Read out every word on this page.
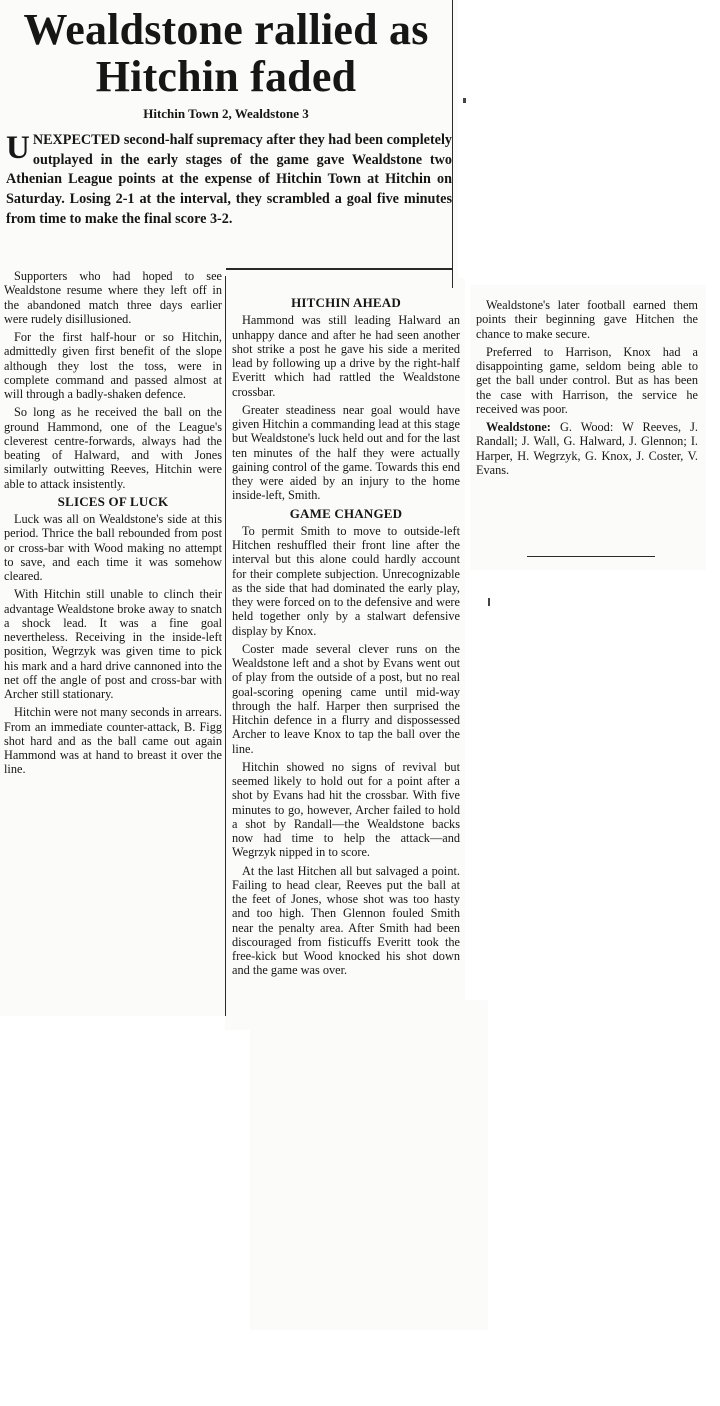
Wealdstone rallied as
Hitchin faded
Hitchin Town 2, Wealdstone 3
UNEXPECTED second-half supremacy after they had been completely outplayed in the early stages of the game gave Wealdstone two Athenian League points at the expense of Hitchin Town at Hitchin on Saturday. Losing 2-1 at the interval, they scrambled a goal five minutes from time to make the final score 3-2.

Supporters who had hoped to see Wealdstone resume where they left off in the abandoned match three days earlier were rudely disillusioned.

For the first half-hour or so Hitchin, admittedly given first benefit of the slope although they lost the toss, were in complete command and passed almost at will through a badly-shaken defence.

So long as he received the ball on the ground Hammond, one of the League's cleverest centre-forwards, always had the beating of Halward, and with Jones similarly outwitting Reeves, Hitchin were able to attack insistently.

SLICES OF LUCK

Luck was all on Wealdstone's side at this period. Thrice the ball rebounded from post or cross-bar with Wood making no attempt to save, and each time it was somehow cleared.

With Hitchin still unable to clinch their advantage Wealdstone broke away to snatch a shock lead. It was a fine goal nevertheless. Receiving in the inside-left position, Wegrzyk was given time to pick his mark and a hard drive cannoned into the net off the angle of post and cross-bar with Archer still stationary.

Hitchin were not many seconds in arrears. From an immediate counter-attack, B. Figg shot hard and as the ball came out again Hammond was at hand to breast it over the line.

HITCHIN AHEAD

Hammond was still leading Halward an unhappy dance and after he had seen another shot strike a post he gave his side a merited lead by following up a drive by the right-half Everitt which had rattled the Wealdstone crossbar.

Greater steadiness near goal would have given Hitchin a commanding lead at this stage but Wealdstone's luck held out and for the last ten minutes of the half they were actually gaining control of the game. Towards this end they were aided by an injury to the home inside-left, Smith.

GAME CHANGED

To permit Smith to move to outside-left Hitchen reshuffled their front line after the interval but this alone could hardly account for their complete subjection. Unrecognizable as the side that had dominated the early play, they were forced on to the defensive and were held together only by a stalwart defensive display by Knox.

Coster made several clever runs on the Wealdstone left and a shot by Evans went out of play from the outside of a post, but no real goal-scoring opening came until mid-way through the half. Harper then surprised the Hitchin defence in a flurry and dispossessed Archer to leave Knox to tap the ball over the line.

Hitchin showed no signs of revival but seemed likely to hold out for a point after a shot by Evans had hit the crossbar. With five minutes to go, however, Archer failed to hold a shot by Randall—the Wealdstone backs now had time to help the attack—and Wegrzyk nipped in to score.

At the last Hitchen all but salvaged a point. Failing to head clear, Reeves put the ball at the feet of Jones, whose shot was too hasty and too high. Then Glennon fouled Smith near the penalty area. After Smith had been discouraged from fisticuffs Everitt took the free-kick but Wood knocked his shot down and the game was over.

Wealdstone's later football earned them points their beginning gave Hitchen the chance to make secure.

Preferred to Harrison, Knox had a disappointing game, seldom being able to get the ball under control. But as has been the case with Harrison, the service he received was poor.

Wealdstone: G. Wood: W Reeves, J. Randall; J. Wall, G. Halward, J. Glennon; I. Harper, H. Wegrzyk, G. Knox, J. Coster, V. Evans.
